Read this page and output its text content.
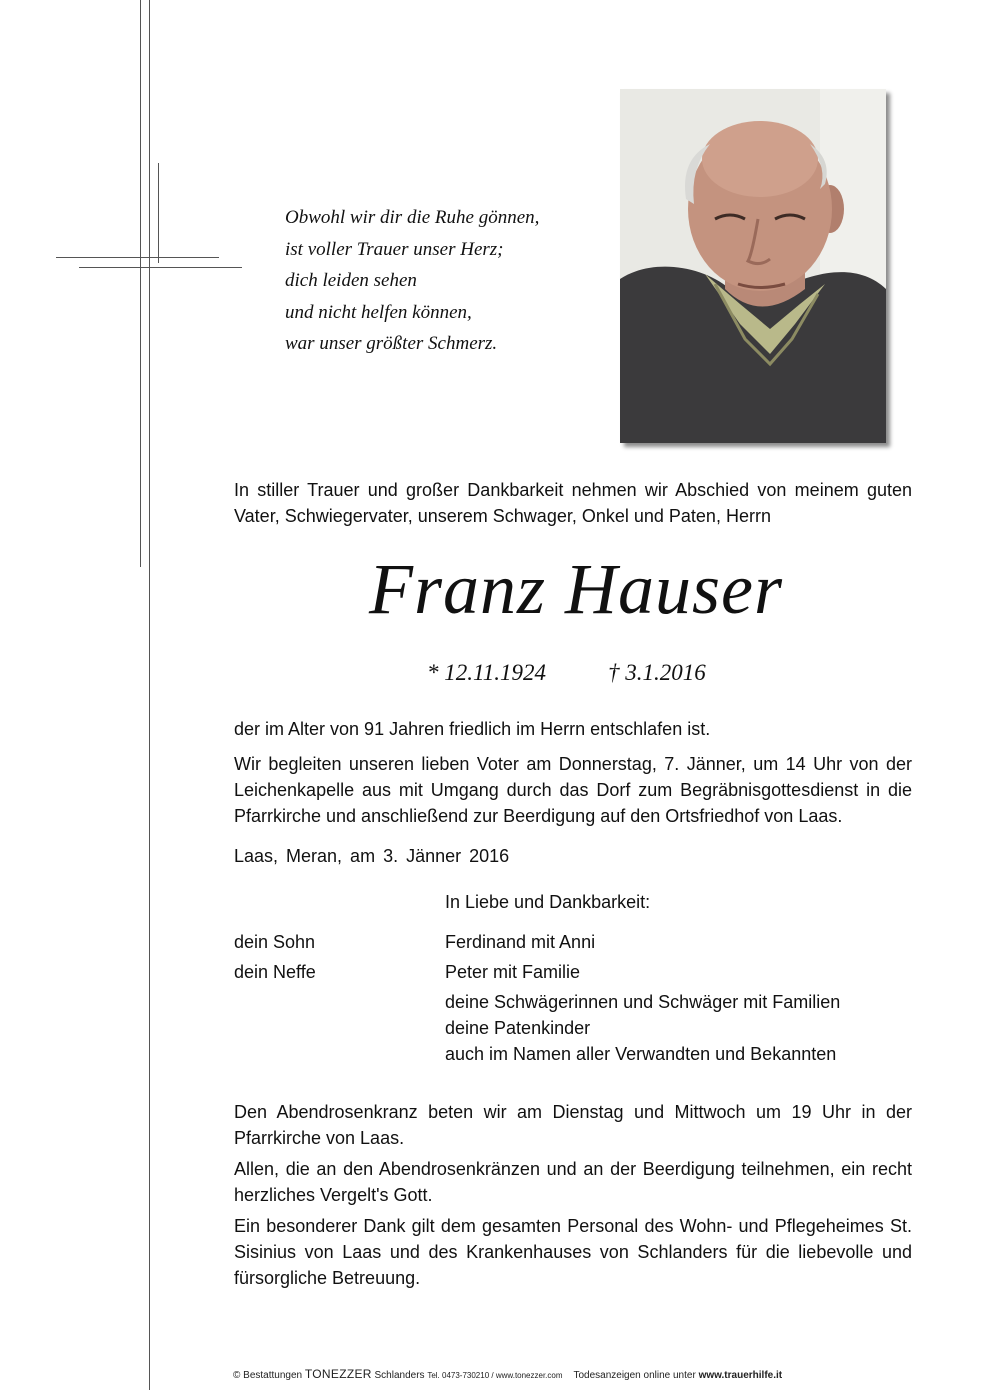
Obwohl wir dir die Ruhe gönnen,
ist voller Trauer unser Herz;
dich leiden sehen
und nicht helfen können,
war unser größter Schmerz.
In stiller Trauer und großer Dankbarkeit nehmen wir Abschied von meinem guten Vater, Schwiegervater, unserem Schwager, Onkel und Paten, Herrn
Franz Hauser
* 12.11.1924	† 3.1.2016
der im Alter von 91 Jahren friedlich im Herrn entschlafen ist.
Wir begleiten unseren lieben Voter am Donnerstag, 7. Jänner, um 14 Uhr von der Leichenkapelle aus mit Umgang durch das Dorf zum Begräbnisgottesdienst in die Pfarrkirche und anschließend zur Beerdigung auf den Ortsfriedhof von Laas.
Laas, Meran, am 3. Jänner 2016
In Liebe und Dankbarkeit:
dein Sohn	Ferdinand mit Anni
dein Neffe	Peter mit Familie
deine Schwägerinnen und Schwäger mit Familien
deine Patenkinder
auch im Namen aller Verwandten und Bekannten
Den Abendrosenkranz beten wir am Dienstag und Mittwoch um 19 Uhr in der Pfarrkirche von Laas.
Allen, die an den Abendrosenkränzen und an der Beerdigung teilnehmen, ein recht herzliches Vergelt's Gott.
Ein besonderer Dank gilt dem gesamten Personal des Wohn- und Pflegeheimes St. Sisinius von Laas und des Krankenhauses von Schlanders für die liebevolle und fürsorgliche Betreuung.
© Bestattungen TONEZZER Schlanders Tel. 0473-730210 / www.tonezzer.com Todesanzeigen online unter www.trauerhilfe.it
